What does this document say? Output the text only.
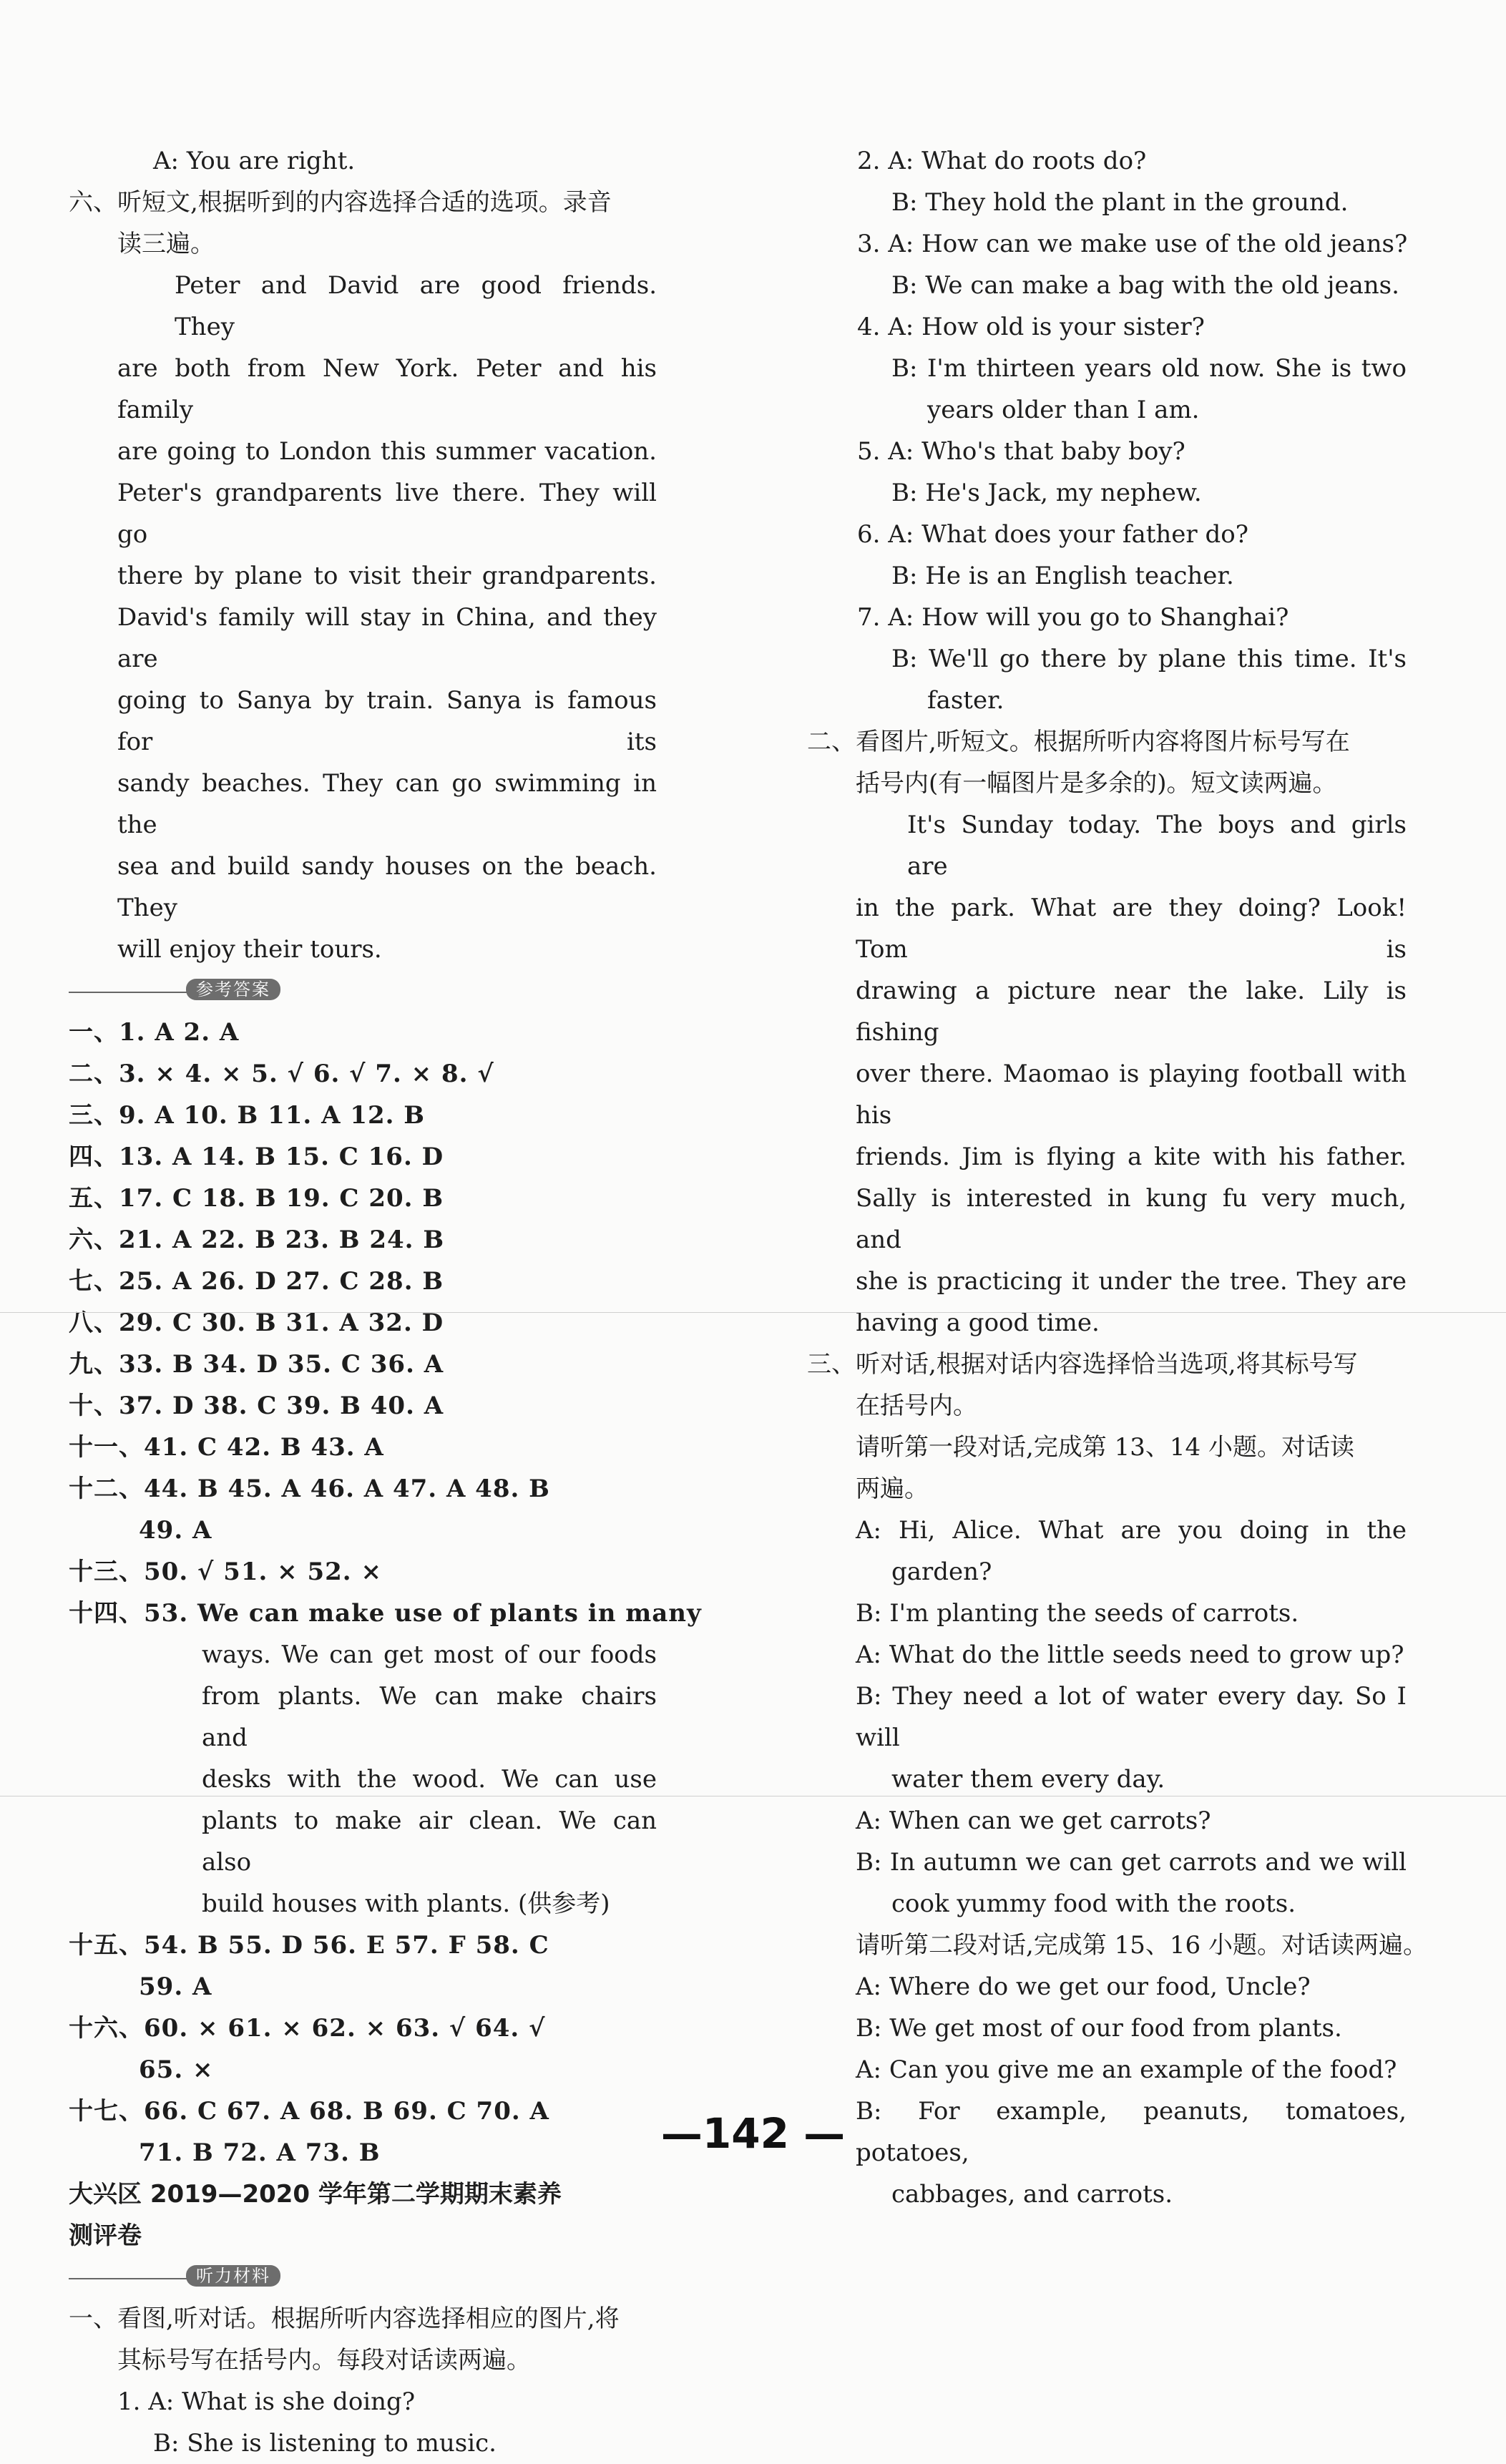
A: You are right.
六、听短文,根据听到的内容选择合适的选项。录音
读三遍。
Peter and David are good friends. They
are both from New York. Peter and his family
are going to London this summer vacation.
Peter's grandparents live there. They will go
there by plane to visit their grandparents.
David's family will stay in China, and they are
going to Sanya by train. Sanya is famous for its
sandy beaches. They can go swimming in the
sea and build sandy houses on the beach. They
will enjoy their tours.
参考答案
一、1. A 2. A
二、3. × 4. × 5. √ 6. √ 7. × 8. √
三、9. A 10. B 11. A 12. B
四、13. A 14. B 15. C 16. D
五、17. C 18. B 19. C 20. B
六、21. A 22. B 23. B 24. B
七、25. A 26. D 27. C 28. B
八、29. C 30. B 31. A 32. D
九、33. B 34. D 35. C 36. A
十、37. D 38. C 39. B 40. A
十一、41. C 42. B 43. A
十二、44. B 45. A 46. A 47. A 48. B
49. A
十三、50. √ 51. × 52. ×
十四、53. We can make use of plants in many
ways. We can get most of our foods
from plants. We can make chairs and
desks with the wood. We can use
plants to make air clean. We can also
build houses with plants. (供参考)
十五、54. B 55. D 56. E 57. F 58. C
59. A
十六、60. × 61. × 62. × 63. √ 64. √
65. ×
十七、66. C 67. A 68. B 69. C 70. A
71. B 72. A 73. B
大兴区 2019—2020 学年第二学期期末素养
测评卷
听力材料
一、看图,听对话。根据所听内容选择相应的图片,将
其标号写在括号内。每段对话读两遍。
1. A: What is she doing?
B: She is listening to music.
2. A: What do roots do?
B: They hold the plant in the ground.
3. A: How can we make use of the old jeans?
B: We can make a bag with the old jeans.
4. A: How old is your sister?
B: I'm thirteen years old now. She is two
years older than I am.
5. A: Who's that baby boy?
B: He's Jack, my nephew.
6. A: What does your father do?
B: He is an English teacher.
7. A: How will you go to Shanghai?
B: We'll go there by plane this time. It's
faster.
二、看图片,听短文。根据所听内容将图片标号写在
括号内(有一幅图片是多余的)。短文读两遍。
It's Sunday today. The boys and girls are
in the park. What are they doing? Look! Tom is
drawing a picture near the lake. Lily is fishing
over there. Maomao is playing football with his
friends. Jim is flying a kite with his father.
Sally is interested in kung fu very much, and
she is practicing it under the tree. They are
having a good time.
三、听对话,根据对话内容选择恰当选项,将其标号写
在括号内。
请听第一段对话,完成第 13、14 小题。对话读
两遍。
A: Hi, Alice. What are you doing in the
garden?
B: I'm planting the seeds of carrots.
A: What do the little seeds need to grow up?
B: They need a lot of water every day. So I will
water them every day.
A: When can we get carrots?
B: In autumn we can get carrots and we will
cook yummy food with the roots.
请听第二段对话,完成第 15、16 小题。对话读两遍。
A: Where do we get our food, Uncle?
B: We get most of our food from plants.
A: Can you give me an example of the food?
B: For example, peanuts, tomatoes, potatoes,
cabbages, and carrots.
—142 —
